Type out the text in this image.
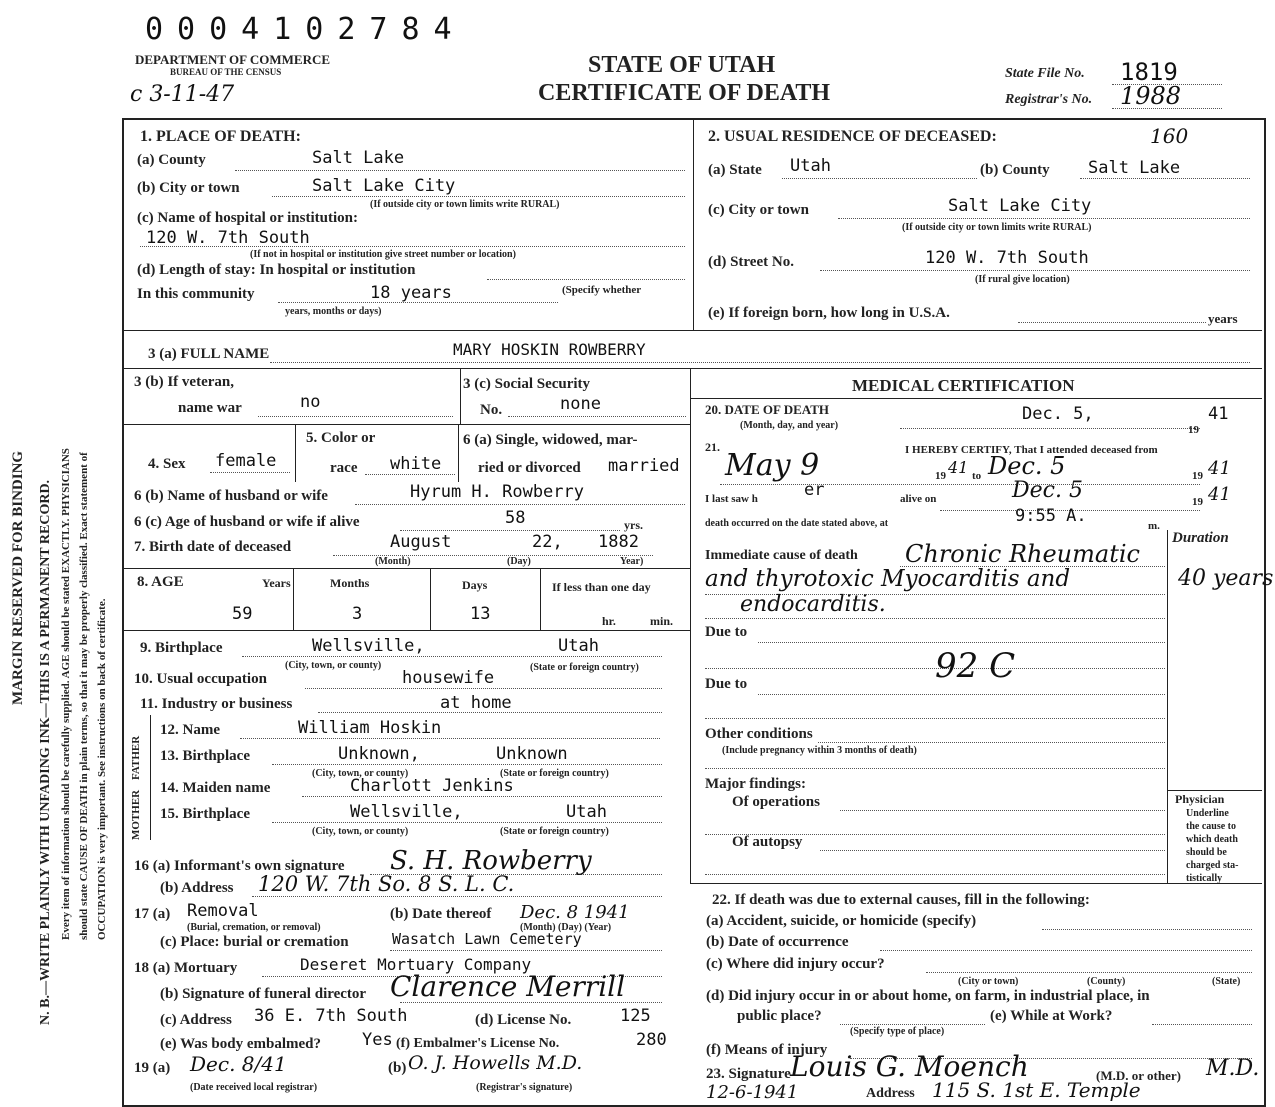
MARGIN RESERVED FOR BINDING N. B.—WRITE PLAINLY WITH UNFADING INK—THIS IS A PERMANENT RECORD. Every item of information should be carefully supplied. AGE should be stated EXACTLY. PHYSICIANS should state CAUSE OF DEATH in plain terms, so that it may be properly classified. Exact statement of OCCUPATION is very important. See instructions on back of certificate.
0004102784
DEPARTMENT OF COMMERCE
BUREAU OF THE CENSUS
c 3-11-47
STATE OF UTAH
CERTIFICATE OF DEATH
State File No. 1819
Registrar's No. 1988
1. PLACE OF DEATH:
(a) County	Salt Lake
(b) City or town	Salt Lake City
(If outside city or town limits write RURAL)
(c) Name of hospital or institution:
120 W. 7th South
(If not in hospital or institution give street number or location)
(d) Length of stay: In hospital or institution
In this community	18 years	(Specify whether
years, months or days)
2. USUAL RESIDENCE OF DECEASED:	160
(a) State Utah	(b) County Salt Lake
(c) City or town	Salt Lake City
(If outside city or town limits write RURAL)
(d) Street No.	120 W. 7th South
(If rural give location)
(e) If foreign born, how long in U.S.A.	years
3 (a) FULL NAME	MARY HOSKIN ROWBERRY
3 (b) If veteran,
name war	no
3 (c) Social Security
No.	none
4. Sex female
5. Color or
race white
6 (a) Single, widowed, mar-
ried or divorced married
6 (b) Name of husband or wife	Hyrum H. Rowberry
6 (c) Age of husband or wife if alive	58	yrs.
7. Birth date of deceased	August	22, 1882
(Month)	(Day)	Year)
8. AGE	Years	Months	Days	If less than one day
59	3	13	hr.	min.
9. Birthplace	Wellsville,	Utah
(City, town, or county)	(State or foreign country)
10. Usual occupation	housewife
11. Industry or business	at home
FATHER
MOTHER
12. Name	William Hoskin
13. Birthplace	Unknown,	Unknown
(City, town, or county)	(State or foreign country)
14. Maiden name	Charlott Jenkins
15. Birthplace	Wellsville,	Utah
(City, town, or county)	(State or foreign country)
16 (a) Informant's own signature S. H. Rowberry
(b) Address 120 W. 7th So. 8 S. L. C.
17 (a) Removal
(Burial, cremation, or removal)
(b) Date thereof Dec. 8 1941
(Month) (Day) (Year)
(c) Place: burial or cremation	Wasatch Lawn Cemetery
18 (a) Mortuary	Deseret Mortuary Company
(b) Signature of funeral director Clarence Merrill
(c) Address 36 E. 7th South	(d) License No.	125
(e) Was body embalmed? Yes (f) Embalmer's License No.	280
19 (a) Dec. 8/41
(Date received local registrar)
(b) O. J. Howells M.D.
(Registrar's signature)
MEDICAL CERTIFICATION
20. DATE OF DEATH
(Month, day, and year)
Dec. 5,
19
41
21.	I HEREBY CERTIFY, That I attended deceased from
May 9	19 41 to Dec. 5	19 41
I last saw h	er	alive on	Dec. 5	19 41
death occurred on the date stated above, at	9:55 A.	m.
Duration
Immediate cause of death Chronic Rheumatic
and thyrotoxic Myocarditis and
endocarditis.
40 years
Due to
92 C
Due to
Other conditions
(Include pregnancy within 3 months of death)
Major findings:
Of operations
Of autopsy
Physician
Underline
the cause to
which death
should be
charged sta-
tistically
22. If death was due to external causes, fill in the following:
(a) Accident, suicide, or homicide (specify)
(b) Date of occurrence
(c) Where did injury occur?
(City or town)	(County)	(State)
(d) Did injury occur in or about home, on farm, in industrial place, in
public place?
(Specify type of place)
(e) While at Work?
(f) Means of injury
23. Signature Louis G. Moench	(M.D. or other) M.D.
12-6-1941	Address 115 S. 1st E. Temple
